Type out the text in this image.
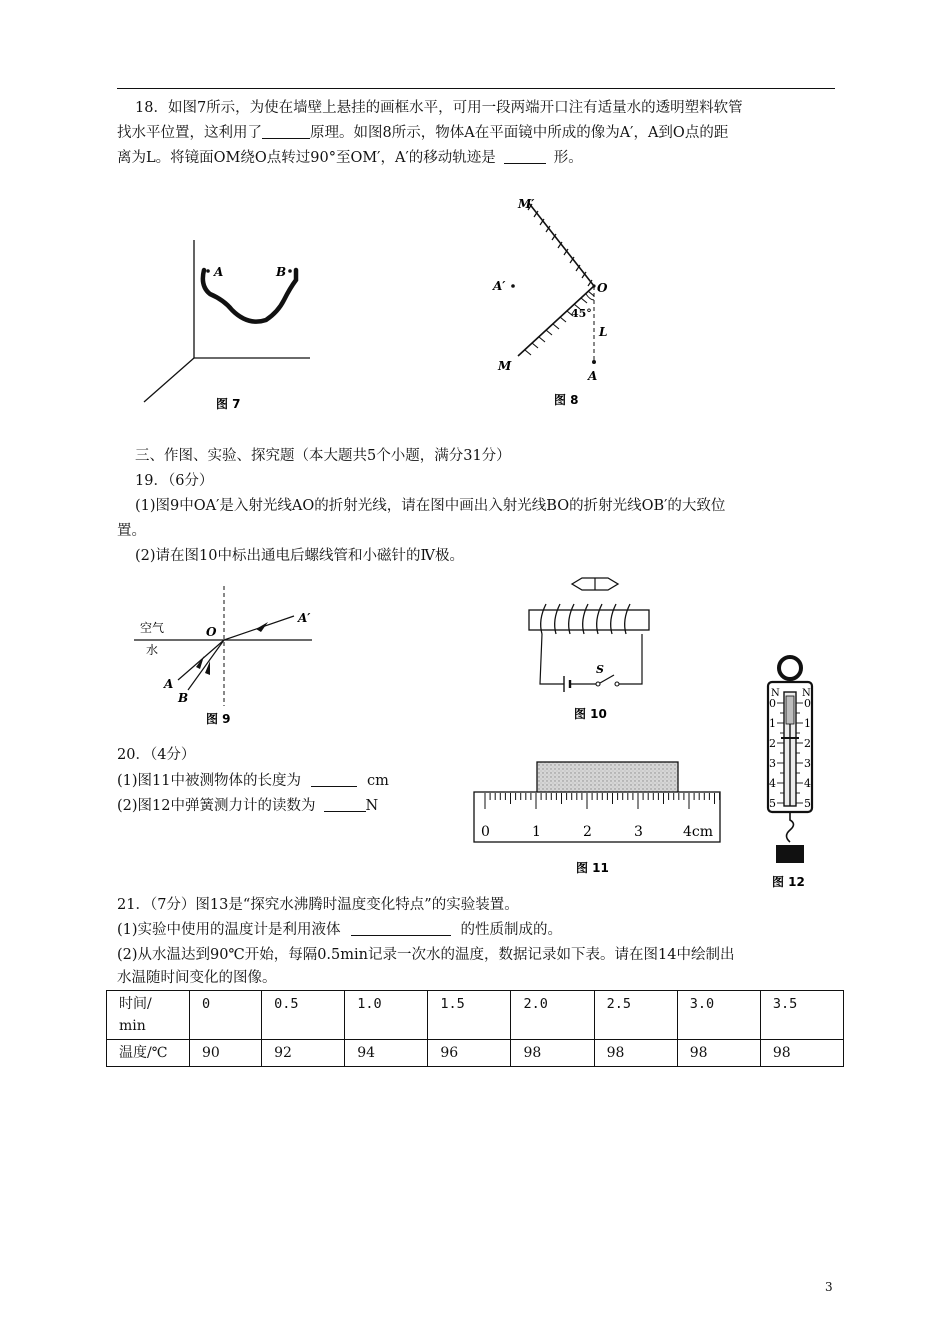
18．如图7所示，为使在墙壁上悬挂的画框水平，可用一段两端开口注有适量水的透明塑料软管
找水平位置，这利用了	原理。如图8所示，物体A在平面镜中所成的像为A′，A到O点的距
离为L。将镜面OM绕O点转过90°至OM′，A′的移动轨迹是	形。
A	B
图 7
M′
O
A′
45°
L
M
A
图 8
三、作图、实验、探究题（本大题共5个小题，满分31分）
19．（6分）
(1)图9中OA′是入射光线AO的折射光线，请在图中画出入射光线BO的折射光线OB′的大致位
置。
(2)请在图10中标出通电后螺线管和小磁针的Ⅳ极。
空气
水
O
A′
A
B
图 9
S
图 10
20．（4分）
(1)图11中被测物体的长度为	cm
(2)图12中弹簧测力计的读数为	N
0	1	2	3	4cm
图 11
N N
0
1
2
3
4
5
0
1
2
3
4
5
图 12
21．（7分）图13是“探究水沸腾时温度变化特点”的实验装置。
(1)实验中使用的温度计是利用液体	的性质制成的。
(2)从水温达到90℃开始，每隔0.5min记录一次水的温度，数据记录如下表。请在图14中绘制出
水温随时间变化的图像。
时间/
min	0	0.5	1.0	1.5	2.0	2.5	3.0	3.5
温度/℃	90	92	94	96	98	98	98	98
3
